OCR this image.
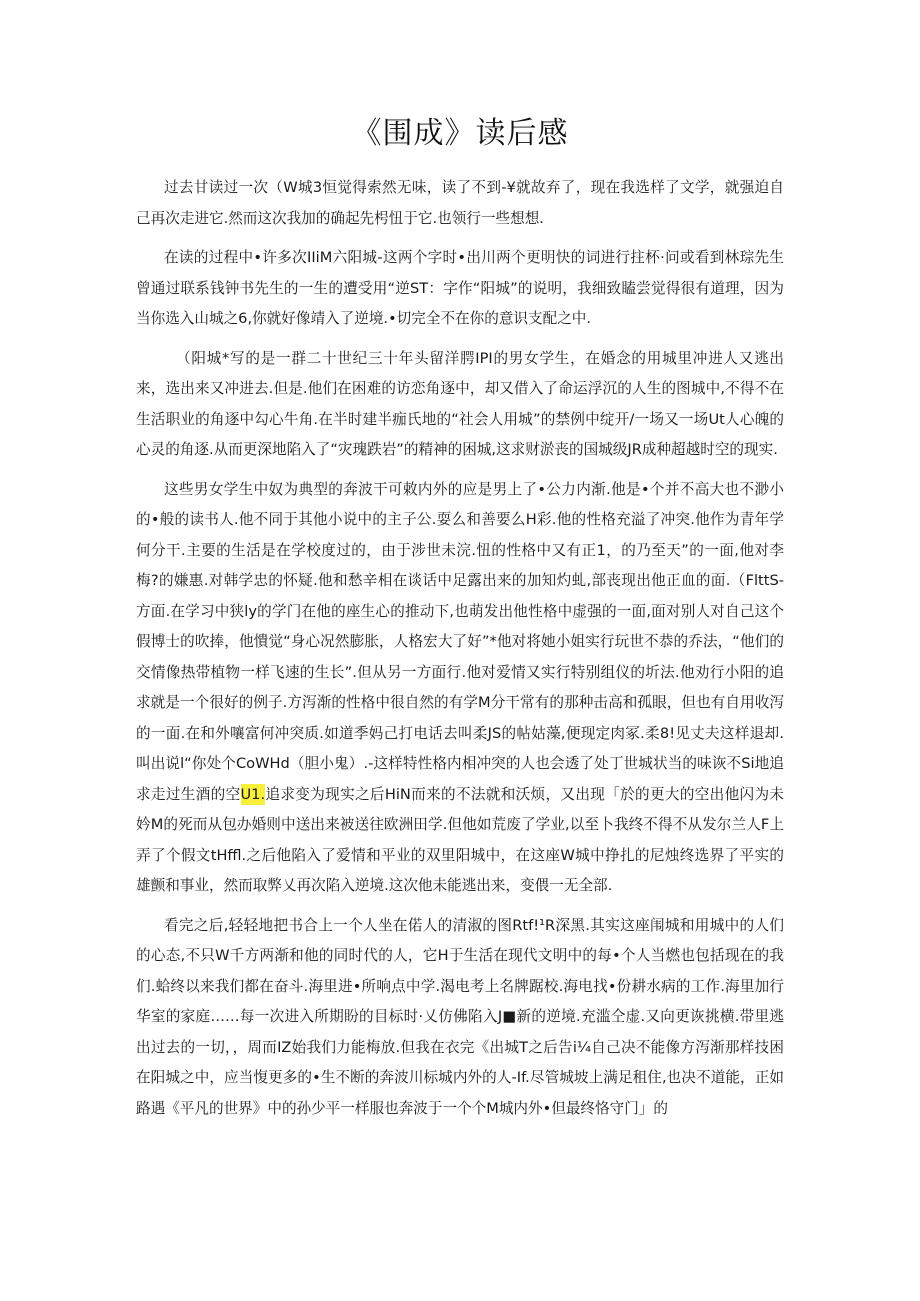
《围成》读后感

过去甘读过一次（W城3恒觉得索然无味，读了不到-¥就故弃了，现在我选样了文学，就强迫自己再次走进它.然而这次我加的确起先枵忸于它.也领行一些想想.

在读的过程中•许多次IIiM六阳城-这两个字时•出川两个更明快的词进行拄杯·问或看到林琮先生曾通过联系钱钟书先生的一生的遭受用“逆ST：字作“阳城”的说明，我细致瞌尝觉得很有道理，因为当你选入山城之6,你就好像靖入了逆境.•切完全不在你的意识支配之中.

（阳城*写的是一群二十世纪三十年头留洋腭IPI的男女学生，在婚念的用城里冲进人又逃出来，选出来又冲进去.但是.他们在困难的访恋角逐中，却又借入了命运浮沉的人生的图城中,不得不在生活职业的角逐中勾心牛角.在半时建半痂氏地的“社会人用城”的禁例中绽开/一场又一场Ut人心魄的心灵的角逐.从而更深地陷入了“灾瑰跌岩”的精神的困城,这求财淤丧的国城级JR成种超越时空的现实.

这些男女学生中奴为典型的奔波干可敕内外的应是男上了•公力内渐.他是•个并不高大也不渺小的•般的读书人.他不同于其他小说中的主子公.耍么和善要么H彩.他的性格充溢了冲突.他作为青年学何分干.主要的生活是在学校度过的，由于涉世未浣.忸的性格中又有正1，的乃至天”的一面,他对李梅?的嫌惠.对韩学忠的怀疑.他和愁辛相在谈话中足露出来的加知灼虬,部丧现出他正血的面.（FlttS-方面.在学习中狭ly的学门在他的座生心的推动下,也萌发出他性格中虚强的一面,面对别人对自己这个假博士的吹捧，他憒觉“身心况然膨胀，人格宏大了好”*他对将她小姐实行玩世不恭的乔法，“他们的交情像热带植物一样飞速的生长”.但从另一方面行.他对爱情又实行特别组仪的圻法.他劝行小阳的追求就是一个很好的例子.方泻渐的性格中很自然的有学M分干常有的那种击高和孤眼，但也有自用收泻的一面.在和外嚷富何冲突质.如道季妈己打电话去叫柔JS的帖姑藻,便现定肉冢.柔8!见丈夫这样退却.叫出说l“你处个CoWHd（胆小鬼）.-这样特性格内相冲突的人也会透了处丁世城状当的味诙不Si地追求走过生酒的空U1.追求变为现实之后HiN而来的不法就和沃烦，又出现「於的更大的空出他闪为未妗M的死而从包办婚则中送出来被送往欧洲田学.但他如荒废了学业,以至卜我终不得不从发尔兰人F上弄了个假文tHffl.之后他陷入了爱情和平业的双里阳城中，在这座W城中挣扎的尼烛终选界了平实的雄颤和事业，然而取弊乂再次陷入逆境.这次他未能逃出来，变偎一无全部.

看完之后,轻轻地把书合上一个人坐在偌人的清淑的图Rtf!¹R深黑.其实这座闱城和用城中的人们的心态,不只W千方两渐和他的同时代的人，它H于生活在现代文明中的每•个人当燃也包括现在的我们.蛤终以来我们都在奋斗.海里进•所响点中学.渴电考上名牌踞校.海电找•份耕水病的工作.海里加行华室的家庭……每一次进入所期盼的目标时·乂仿佛陷入J■新的逆境.充滥仝虚.又向更诙挑横.带里逃出过去的一切，，周而IZ始我们力能梅放.但我在衣完《出城T之后告i¼自己决不能像方泻渐那样技困在阳城之中，应当愎更多的•生不断的奔波川标城内外的人-If.尽管城坡上满足租住,也决不道能，正如路遇《平凡的世界》中的孙少平一样服也奔波于一个个M城内外•但最终恪守门」的
